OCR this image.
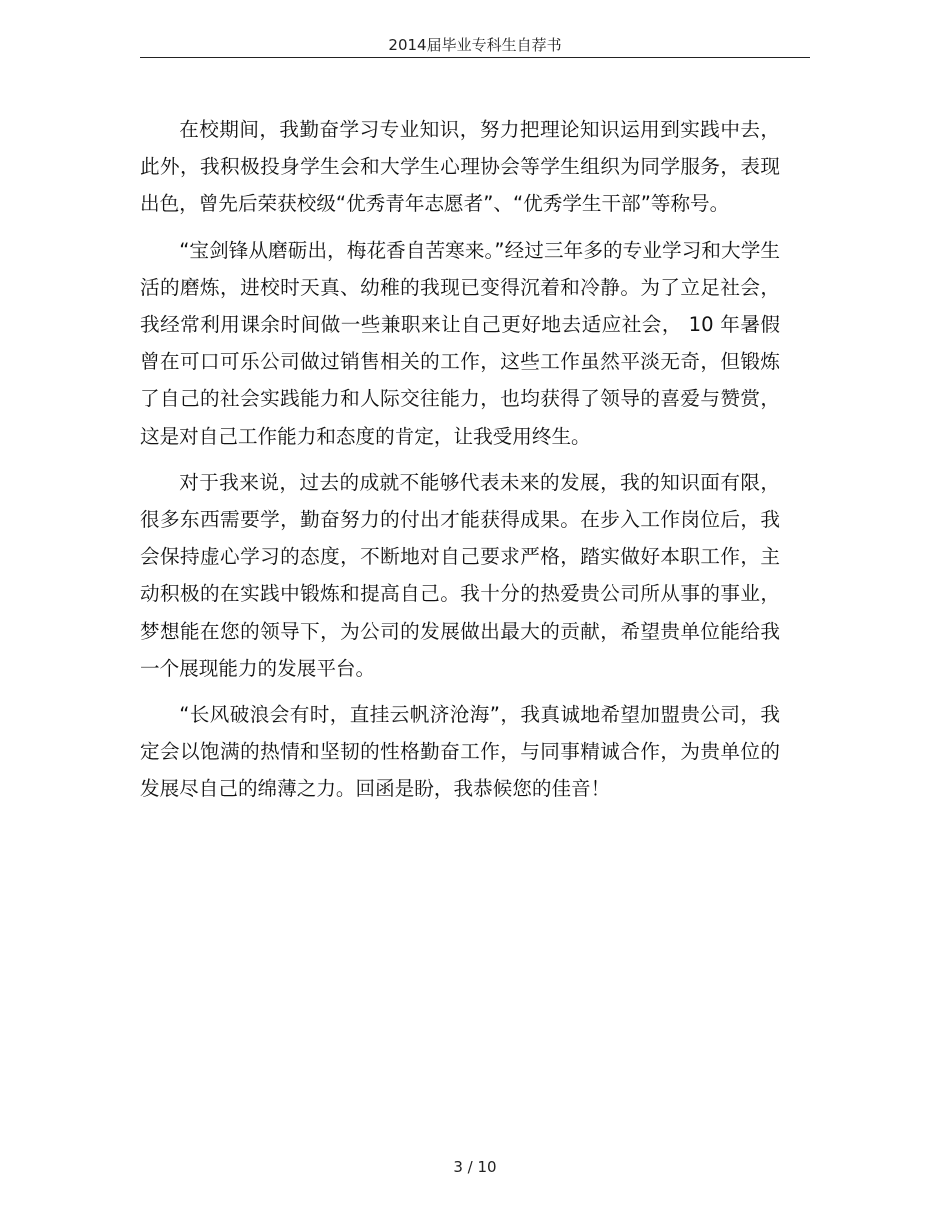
2014届毕业专科生自荐书

在校期间，我勤奋学习专业知识，努力把理论知识运用到实践中去，此外，我积极投身学生会和大学生心理协会等学生组织为同学服务，表现出色，曾先后荣获校级“优秀青年志愿者”、“优秀学生干部”等称号。

“宝剑锋从磨砺出，梅花香自苦寒来。”经过三年多的专业学习和大学生活的磨炼，进校时天真、幼稚的我现已变得沉着和冷静。为了立足社会，我经常利用课余时间做一些兼职来让自己更好地去适应社会， 10 年暑假曾在可口可乐公司做过销售相关的工作，这些工作虽然平淡无奇，但锻炼了自己的社会实践能力和人际交往能力，也均获得了领导的喜爱与赞赏，这是对自己工作能力和态度的肯定，让我受用终生。

对于我来说，过去的成就不能够代表未来的发展，我的知识面有限，很多东西需要学，勤奋努力的付出才能获得成果。在步入工作岗位后，我会保持虚心学习的态度，不断地对自己要求严格，踏实做好本职工作，主动积极的在实践中锻炼和提高自己。我十分的热爱贵公司所从事的事业，梦想能在您的领导下，为公司的发展做出最大的贡献，希望贵单位能给我一个展现能力的发展平台。

“长风破浪会有时，直挂云帆济沧海”，我真诚地希望加盟贵公司，我定会以饱满的热情和坚韧的性格勤奋工作，与同事精诚合作，为贵单位的发展尽自己的绵薄之力。回函是盼，我恭候您的佳音！

3 / 10
